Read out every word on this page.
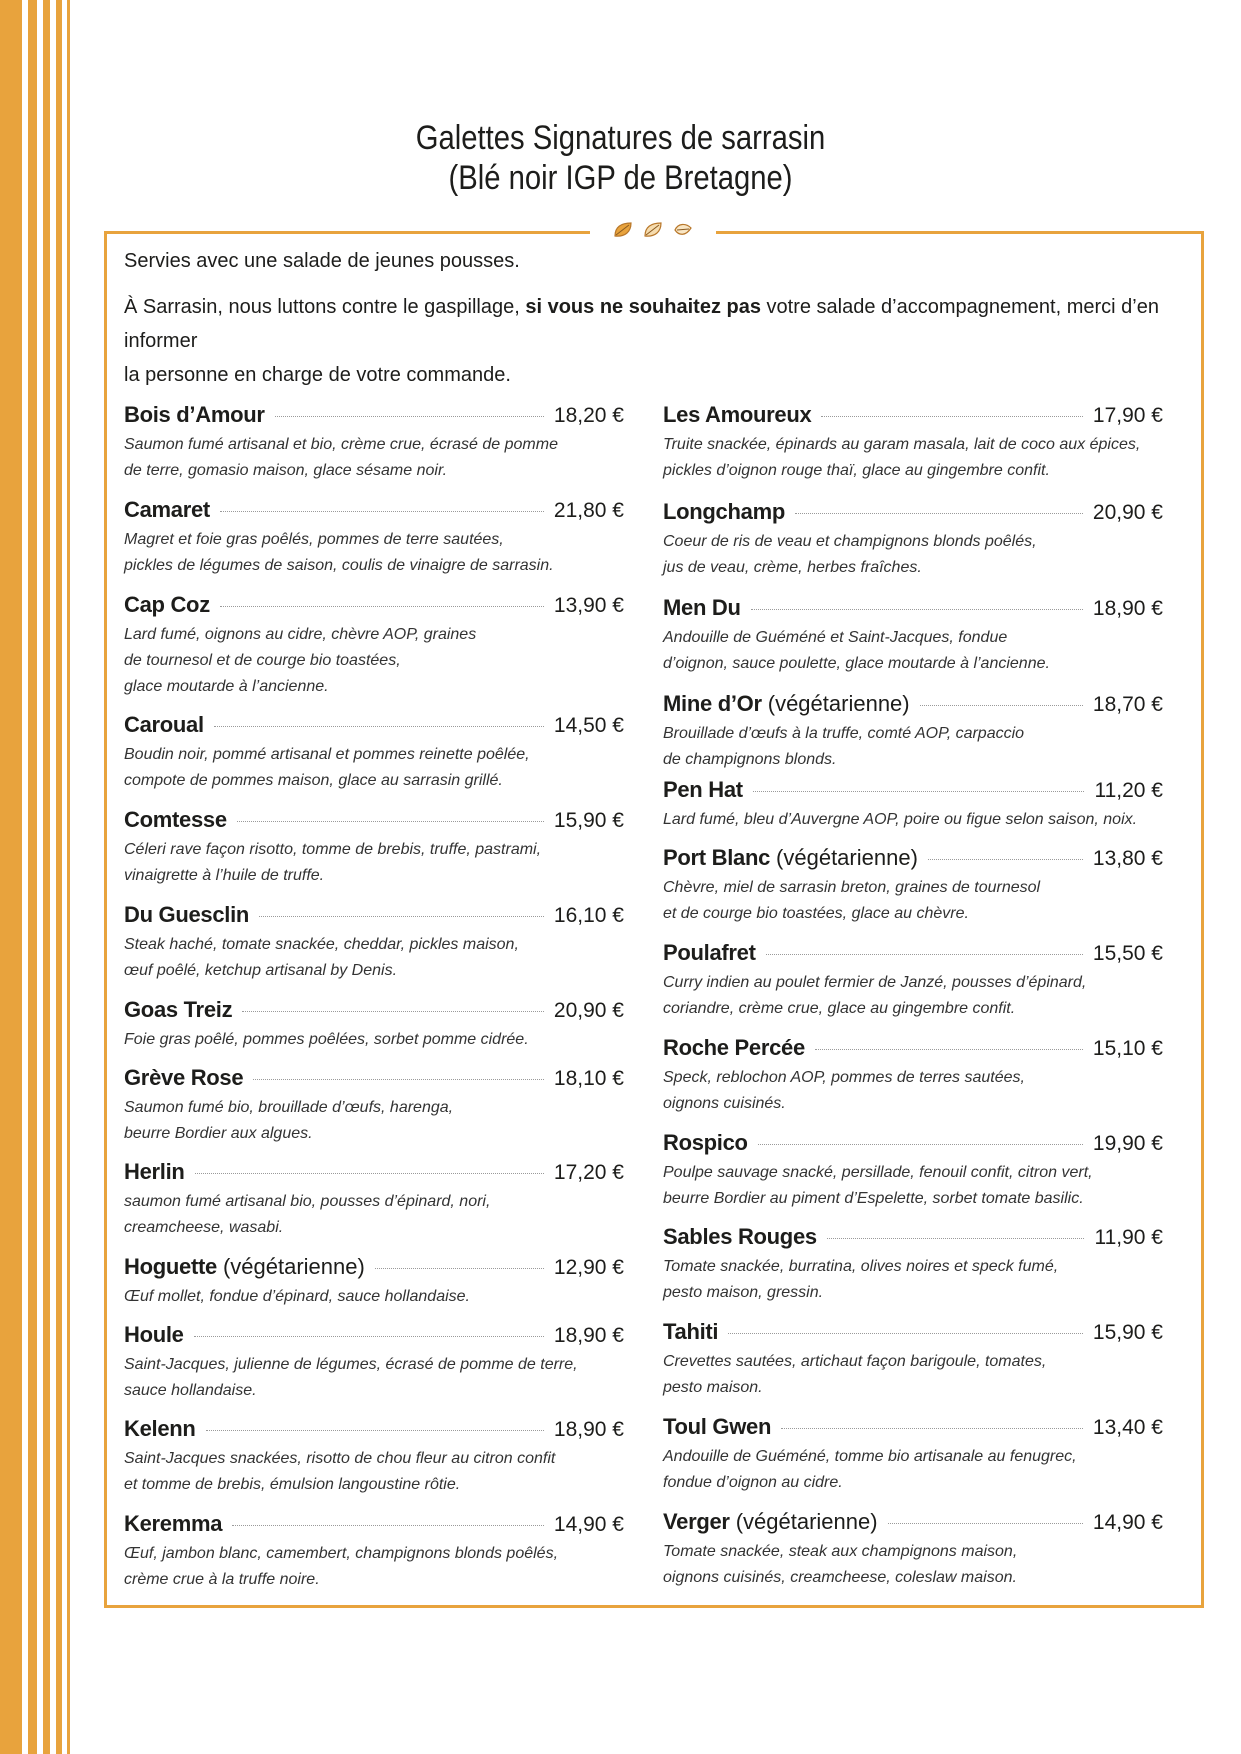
Galettes Signatures de sarrasin
(Blé noir IGP de Bretagne)

Servies avec une salade de jeunes pousses.

À Sarrasin, nous luttons contre le gaspillage, si vous ne souhaitez pas votre salade d’accompagnement, merci d’en informer

la personne en charge de votre commande.

Bois d’Amour	18,20 €
Saumon fumé artisanal et bio, crème crue, écrasé de pomme
de terre, gomasio maison, glace sésame noir.
Camaret	21,80 €
Magret et foie gras poêlés, pommes de terre sautées,
pickles de légumes de saison, coulis de vinaigre de sarrasin.
Cap Coz	13,90 €
Lard fumé, oignons au cidre, chèvre AOP, graines
de tournesol et de courge bio toastées,
glace moutarde à l’ancienne.
Caroual	14,50 €
Boudin noir, pommé artisanal et pommes reinette poêlée,
compote de pommes maison, glace au sarrasin grillé.
Comtesse	15,90 €
Céleri rave façon risotto, tomme de brebis, truffe, pastrami,
vinaigrette à l’huile de truffe.
Du Guesclin	16,10 €
Steak haché, tomate snackée, cheddar, pickles maison,
œuf poêlé, ketchup artisanal by Denis.
Goas Treiz	20,90 €
Foie gras poêlé, pommes poêlées, sorbet pomme cidrée.
Grève Rose	18,10 €
Saumon fumé bio, brouillade d’œufs, harenga,
beurre Bordier aux algues.
Herlin	17,20 €
saumon fumé artisanal bio, pousses d’épinard, nori,
creamcheese, wasabi.
Hoguette (végétarienne)	12,90 €
Œuf mollet, fondue d’épinard, sauce hollandaise.
Houle	18,90 €
Saint-Jacques, julienne de légumes, écrasé de pomme de terre,
sauce hollandaise.
Kelenn	18,90 €
Saint-Jacques snackées, risotto de chou fleur au citron confit
et tomme de brebis, émulsion langoustine rôtie.
Keremma	14,90 €
Œuf, jambon blanc, camembert, champignons blonds poêlés,
crème crue à la truffe noire.
Les Amoureux	17,90 €
Truite snackée, épinards au garam masala, lait de coco aux épices,
pickles d’oignon rouge thaï, glace au gingembre confit.
Longchamp	20,90 €
Coeur de ris de veau et champignons blonds poêlés,
jus de veau, crème, herbes fraîches.
Men Du	18,90 €
Andouille de Guéméné et Saint-Jacques, fondue
d’oignon, sauce poulette, glace moutarde à l’ancienne.
Mine d’Or (végétarienne)	18,70 €
Brouillade d’œufs à la truffe, comté AOP, carpaccio
de champignons blonds.
Pen Hat	11,20 €
Lard fumé, bleu d’Auvergne AOP, poire ou figue selon saison, noix.
Port Blanc (végétarienne)	13,80 €
Chèvre, miel de sarrasin breton, graines de tournesol
et de courge bio toastées, glace au chèvre.
Poulafret	15,50 €
Curry indien au poulet fermier de Janzé, pousses d’épinard,
coriandre, crème crue, glace au gingembre confit.
Roche Percée	15,10 €
Speck, reblochon AOP, pommes de terres sautées,
oignons cuisinés.
Rospico	19,90 €
Poulpe sauvage snacké, persillade, fenouil confit, citron vert,
beurre Bordier au piment d’Espelette, sorbet tomate basilic.
Sables Rouges	11,90 €
Tomate snackée, burratina, olives noires et speck fumé,
pesto maison, gressin.
Tahiti	15,90 €
Crevettes sautées, artichaut façon barigoule, tomates,
pesto maison.
Toul Gwen	13,40 €
Andouille de Guéméné, tomme bio artisanale au fenugrec,
fondue d’oignon au cidre.
Verger (végétarienne)	14,90 €
Tomate snackée, steak aux champignons maison,
oignons cuisinés, creamcheese, coleslaw maison.
